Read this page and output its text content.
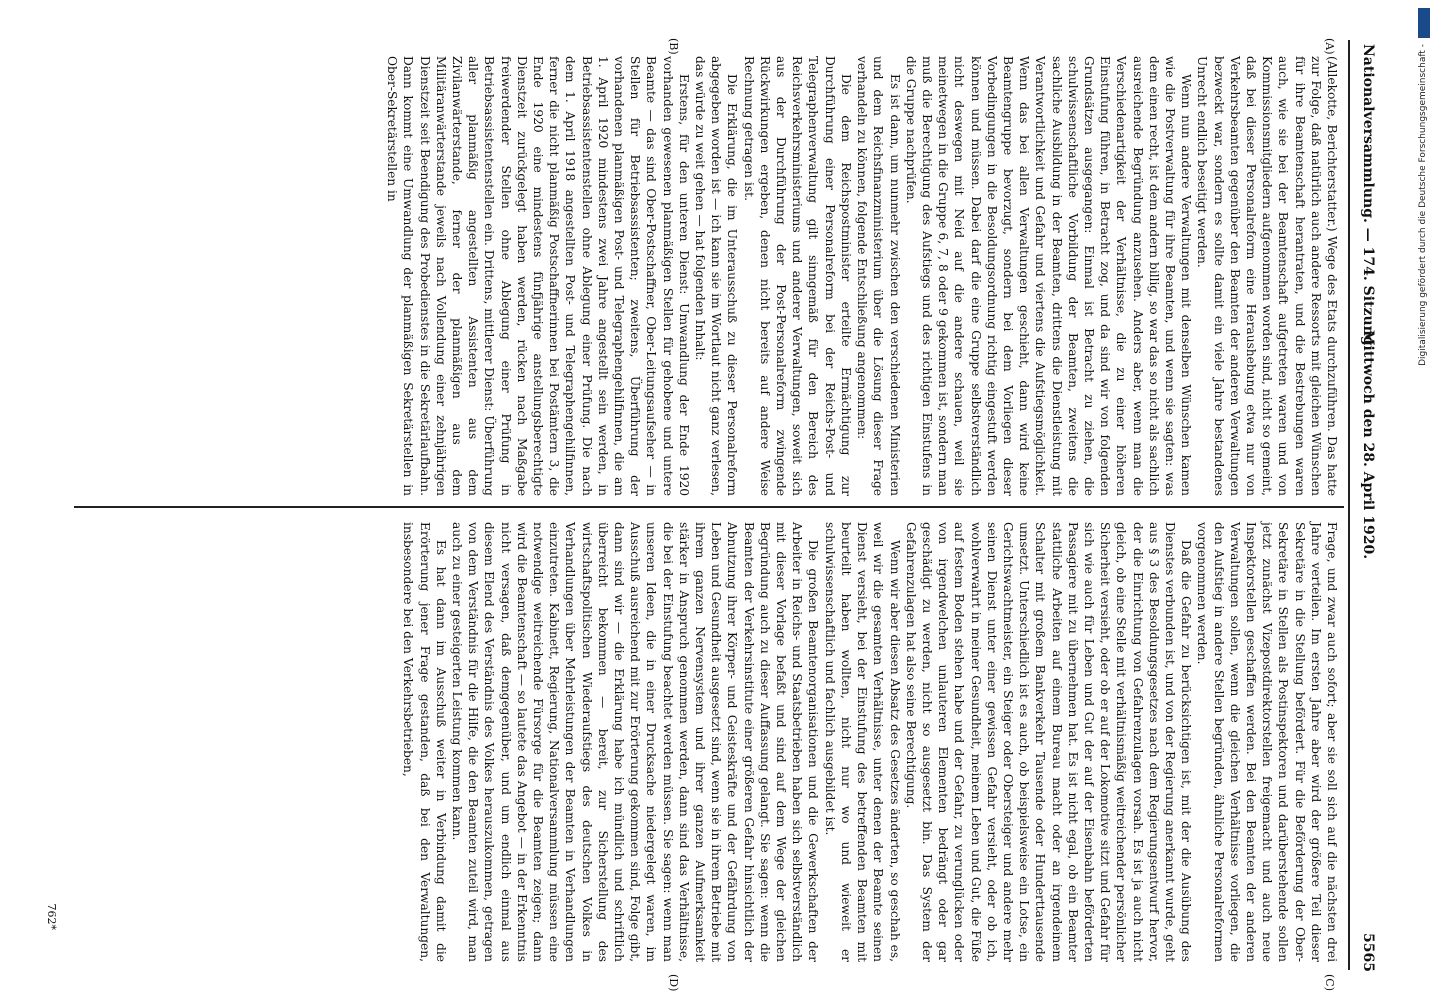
Nationalversammlung. — 174. Sitzung.
Mittwoch den 28. April 1920.
5565
(A)
(B)
(C)
(D)

(Allekotte, Berichterstatter.) Wege des Etats durchzuführen. Das hatte zur Folge, daß natürlich auch andere Ressorts mit gleichen Wünschen für ihre Beamtenschaft herantraten, und die Bestrebungen waren auch, wie sie bei der Beamtenschaft aufgetreten waren und von Kommissionsmitgliedern aufgenommen worden sind, nicht so gemeint, daß bei dieser Personalreform eine Heraushebung etwa nur von Verkehrsbeamten gegenüber den Beamten der anderen Verwaltungen bezweckt war, sondern es sollte damit ein viele Jahre bestandenes Unrecht endlich beseitigt werden.

Wenn nun andere Verwaltungen mit denselben Wünschen kamen wie die Postverwaltung für ihre Beamten, und wenn sie sagten: was dem einen recht, ist dem andern billig, so war das so nicht als sachlich ausreichende Begründung anzusehen. Anders aber, wenn man die Verschiedenartigkeit der Verhältnisse, die zu einer höheren Einstufung führen, in Betracht zog, und da sind wir von folgenden Grundsätzen ausgegangen: Einmal ist Betracht zu ziehen, die schulwissenschaftliche Vorbildung der Beamten, zweitens die sachliche Ausbildung in der Beamten, drittens die Dienstleistung mit Verantwortlichkeit und Gefahr und viertens die Aufstiegsmöglichkeit. Wenn das bei allen Verwaltungen geschieht, dann wird keine Beamtengruppe bevorzugt, sondern bei dem Vorliegen dieser Vorbedingungen in die Besoldungsordnung richtig eingestuft werden können und müssen. Dabei darf die eine Gruppe selbstverständlich nicht deswegen mit Neid auf die andere schauen, weil sie meinetwegen in die Gruppe 6, 7, 8 oder 9 gekommen ist, sondern man muß die Berechtigung des Aufstiegs und des richtigen Einstufens in die Gruppe nachprüfen.

Es ist dann, um nunmehr zwischen den verschiedenen Ministerien und dem Reichsfinanzministerium über die Lösung dieser Frage verhandeln zu können, folgende Entschließung angenommen:

Die dem Reichspostminister erteilte Ermächtigung zur Durchführung einer Personalreform bei der Reichs-Post- und Telegraphenverwaltung gilt sinngemäß für den Bereich des Reichsverkehrsministeriums und anderer Verwaltungen, soweit sich aus der Durchführung der Post-Personalreform zwingende Rückwirkungen ergeben, denen nicht bereits auf andere Weise Rechnung getragen ist.

Die Erklärung, die im Unterausschuß zu dieser Personalreform abgegeben worden ist — ich kann sie im Wortlaut nicht ganz verlesen, das würde zu weit gehen — hat folgenden Inhalt:

Erstens, für den unteren Dienst: Umwandlung der Ende 1920 vorhanden gewesenen planmäßigen Stellen für gehobene und untere Beamte — das sind Ober-Postschaffner, Ober-Leitungsaufseher — in Stellen für Betriebsassistenten; zweitens, Überführung der vorhandenen planmäßigen Post- und Telegraphengehilfinnen, die am 1. April 1920 mindestens zwei Jahre angestellt sein werden, in Betriebsassistentenstellen ohne Ablegung einer Prüfung. Die nach dem 1. April 1918 angestellten Post- und Telegraphengehilfinnen, ferner die nicht planmäßig Postschaffnerinnen bei Postämtern 3, die Ende 1920 eine mindestens fünfjährige anstellungsberechtigte Dienstzeit zurückgelegt haben werden, rücken nach Maßgabe freiwerdender Stellen ohne Ablegung einer Prüfung in Betriebsassistentenstellen ein. Drittens, mittlerer Dienst: Überführung aller planmäßig angestellten Assistenten aus dem Zivilanwärterstande, ferner der planmäßigen aus dem Militäranwärterstande jeweils nach Vollendung einer zehnjährigen Dienstzeit seit Beendigung des Probedienstes in die Sekretärlaufbahn. Dann kommt eine Umwandlung der planmäßigen Sekretärstellen in Ober-Sekretärstellen in

Frage, und zwar auch sofort; aber sie soll sich auf die nächsten drei Jahre verteilen. Im ersten Jahre aber wird der größere Teil dieser Sekretäre in die Stellung befördert. Für die Beförderung der Ober-Sekretäre in Stellen als Postinspektoren und darüberstehende sollen jetzt zunächst Vizepostdirektorstellen freigemacht und auch neue Inspektorstellen geschaffen werden. Bei den Beamten der anderen Verwaltungen sollen, wenn die gleichen Verhältnisse vorliegen, die den Aufstieg in andere Stellen begründen, ähnliche Personalreformen vorgenommen werden.

Daß die Gefahr zu berücksichtigen ist, mit der die Ausübung des Dienstes verbunden ist, und von der Regierung anerkannt wurde, geht aus § 3 des Besoldungsgesetzes nach dem Regierungsentwurf hervor, der die Einrichtung von Gefahrenzulagen vorsah. Es ist ja auch nicht gleich, ob eine Stelle mit verhältnismäßig weitreichender persönlicher Sicherheit versieht, oder ob er auf der Lokomotive sitzt und Gefahr für sich wie auch für Leben und Gut der auf der Eisenbahn beförderten Passagiere mit zu übernehmen hat. Es ist nicht egal, ob ein Beamter stattliche Arbeiten auf einem Bureau macht oder an irgendeinem Schalter mit großem Bankverkehr Tausende oder Hunderttausende umsetzt. Unterschiedlich ist es auch, ob beispielsweise ein Lotse, ein Gerichtswachtmeister, ein Steiger oder Obersteiger und andere mehr seinen Dienst unter einer gewissen Gefahr versieht, oder ob ich, wohlverwahrt in meiner Gesundheit, meinem Leben und Gut, die Füße auf festem Boden stehen habe und der Gefahr, zu verunglücken oder von irgendwelchen unlauteren Elementen bedrängt oder gar geschädigt zu werden, nicht so ausgesetzt bin. Das System der Gefahrenzulagen hat also seine Berechtigung.

Wenn wir aber diesen Absatz des Gesetzes änderten, so geschah es, weil wir die gesamten Verhältnisse, unter denen der Beamte seinen Dienst versieht, bei der Einstufung des betreffenden Beamten mit beurteilt haben wollten, nicht nur wo und wieweit er schulwissenschaftlich und fachlich ausgebildet ist.

Die großen Beamtenorganisationen und die Gewerkschaften der Arbeiter in Reichs- und Staatsbetrieben haben sich selbstverständlich mit dieser Vorlage befaßt und sind auf dem Wege der gleichen Begründung auch zu dieser Auffassung gelangt. Sie sagen: wenn die Beamten der Verkehrsinstitute einer größeren Gefahr hinsichtlich der Abnutzung ihrer Körper- und Geisteskräfte und der Gefährdung von Leben und Gesundheit ausgesetzt sind, wenn sie in ihrem Betriebe mit ihrem ganzen Nervensystem und ihrer ganzen Aufmerksamkeit stärker in Anspruch genommen werden, dann sind das Verhältnisse, die bei der Einstufung beachtet werden müssen. Sie sagen: wenn man unseren Ideen, die in einer Drucksache niedergelegt waren, im Ausschuß ausreichend mit zur Erörterung gekommen sind, Folge gibt, dann sind wir — die Erklärung habe ich mündlich und schriftlich überreicht bekommen — bereit, zur Sicherstellung des wirtschaftspolitischen Wiederaufstiegs des deutschen Volkes in Verhandlungen über Mehrleistungen der Beamten in Verhandlungen einzutreten. Kabinett, Regierung, Nationalversammlung müssen eine notwendige weitreichende Fürsorge für die Beamten zeigen; dann wird die Beamtenschaft — so lautete das Angebot — in der Erkenntnis nicht versagen, daß demgegenüber, und um endlich einmal aus diesem Elend des Verständnis des Volkes herauszukommen, getragen von dem Verständnis für die Hilfe, die den Beamten zuteil wird, man auch zu einer gesteigerten Leistung kommen kann.

Es hat dann im Ausschuß weiter in Verbindung damit die Erörterung jener Frage gestanden, daß bei den Verwaltungen, insbesondere bei den Verkehrsbetrieben,

762*
Digitalisierung gefördert durch die Deutsche Forschungsgemeinschaft -
